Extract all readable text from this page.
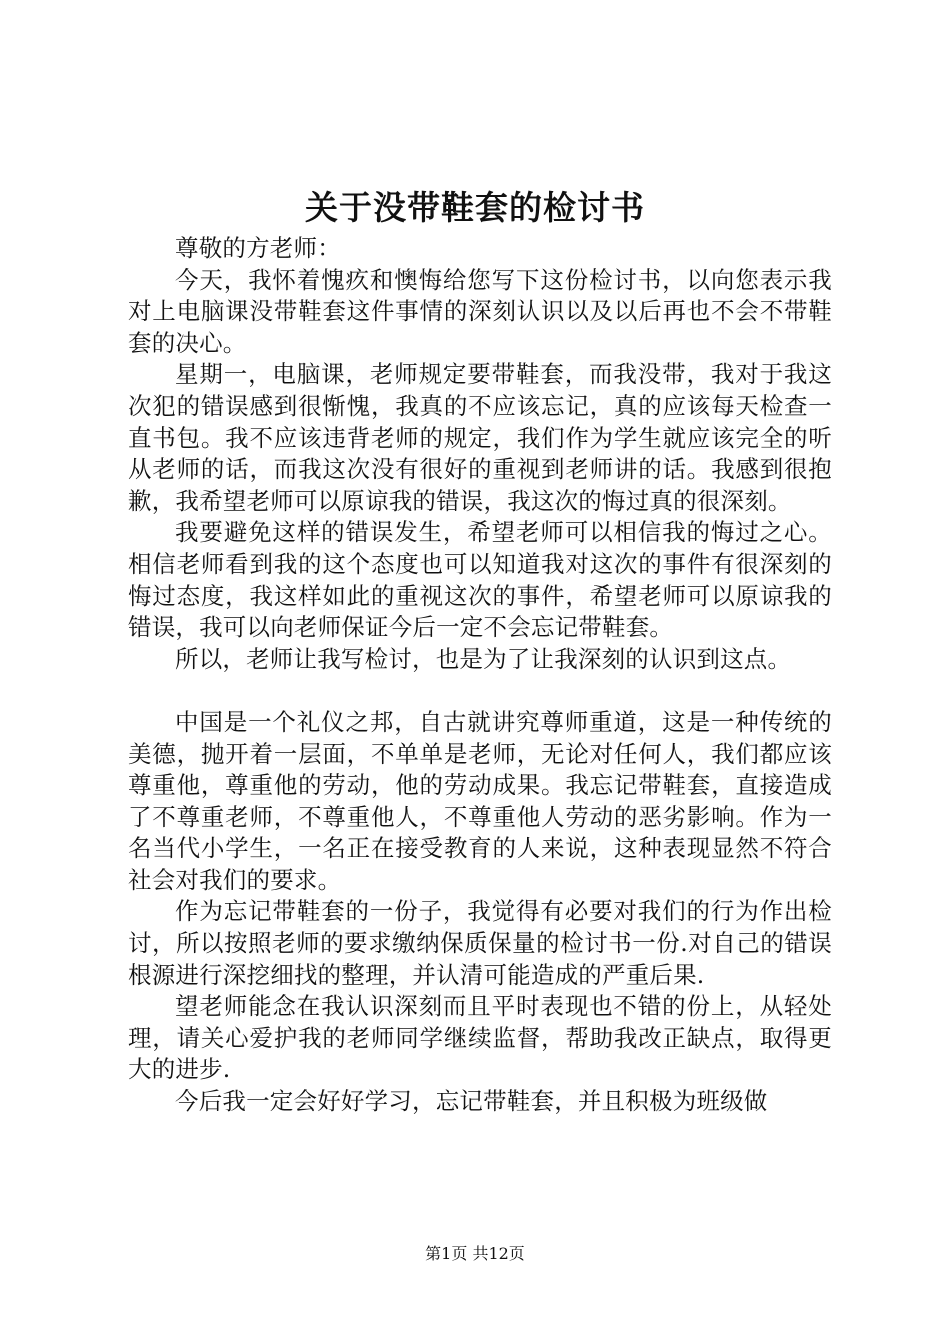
关于没带鞋套的检讨书

尊敬的方老师：

今天，我怀着愧疚和懊悔给您写下这份检讨书，以向您表示我对上电脑课没带鞋套这件事情的深刻认识以及以后再也不会不带鞋套的决心。

星期一，电脑课，老师规定要带鞋套，而我没带，我对于我这次犯的错误感到很惭愧，我真的不应该忘记，真的应该每天检查一直书包。我不应该违背老师的规定，我们作为学生就应该完全的听从老师的话，而我这次没有很好的重视到老师讲的话。我感到很抱歉，我希望老师可以原谅我的错误，我这次的悔过真的很深刻。

我要避免这样的错误发生，希望老师可以相信我的悔过之心。相信老师看到我的这个态度也可以知道我对这次的事件有很深刻的悔过态度，我这样如此的重视这次的事件，希望老师可以原谅我的错误，我可以向老师保证今后一定不会忘记带鞋套。

所以，老师让我写检讨，也是为了让我深刻的认识到这点。

中国是一个礼仪之邦，自古就讲究尊师重道，这是一种传统的美德，抛开着一层面，不单单是老师，无论对任何人，我们都应该尊重他，尊重他的劳动，他的劳动成果。我忘记带鞋套，直接造成了不尊重老师，不尊重他人，不尊重他人劳动的恶劣影响。作为一名当代小学生，一名正在接受教育的人来说，这种表现显然不符合社会对我们的要求。

作为忘记带鞋套的一份子，我觉得有必要对我们的行为作出检讨，所以按照老师的要求缴纳保质保量的检讨书一份.对自己的错误根源进行深挖细找的整理，并认清可能造成的严重后果.

望老师能念在我认识深刻而且平时表现也不错的份上，从轻处理，请关心爱护我的老师同学继续监督，帮助我改正缺点，取得更大的进步.

今后我一定会好好学习，忘记带鞋套，并且积极为班级做

第1页 共12页
